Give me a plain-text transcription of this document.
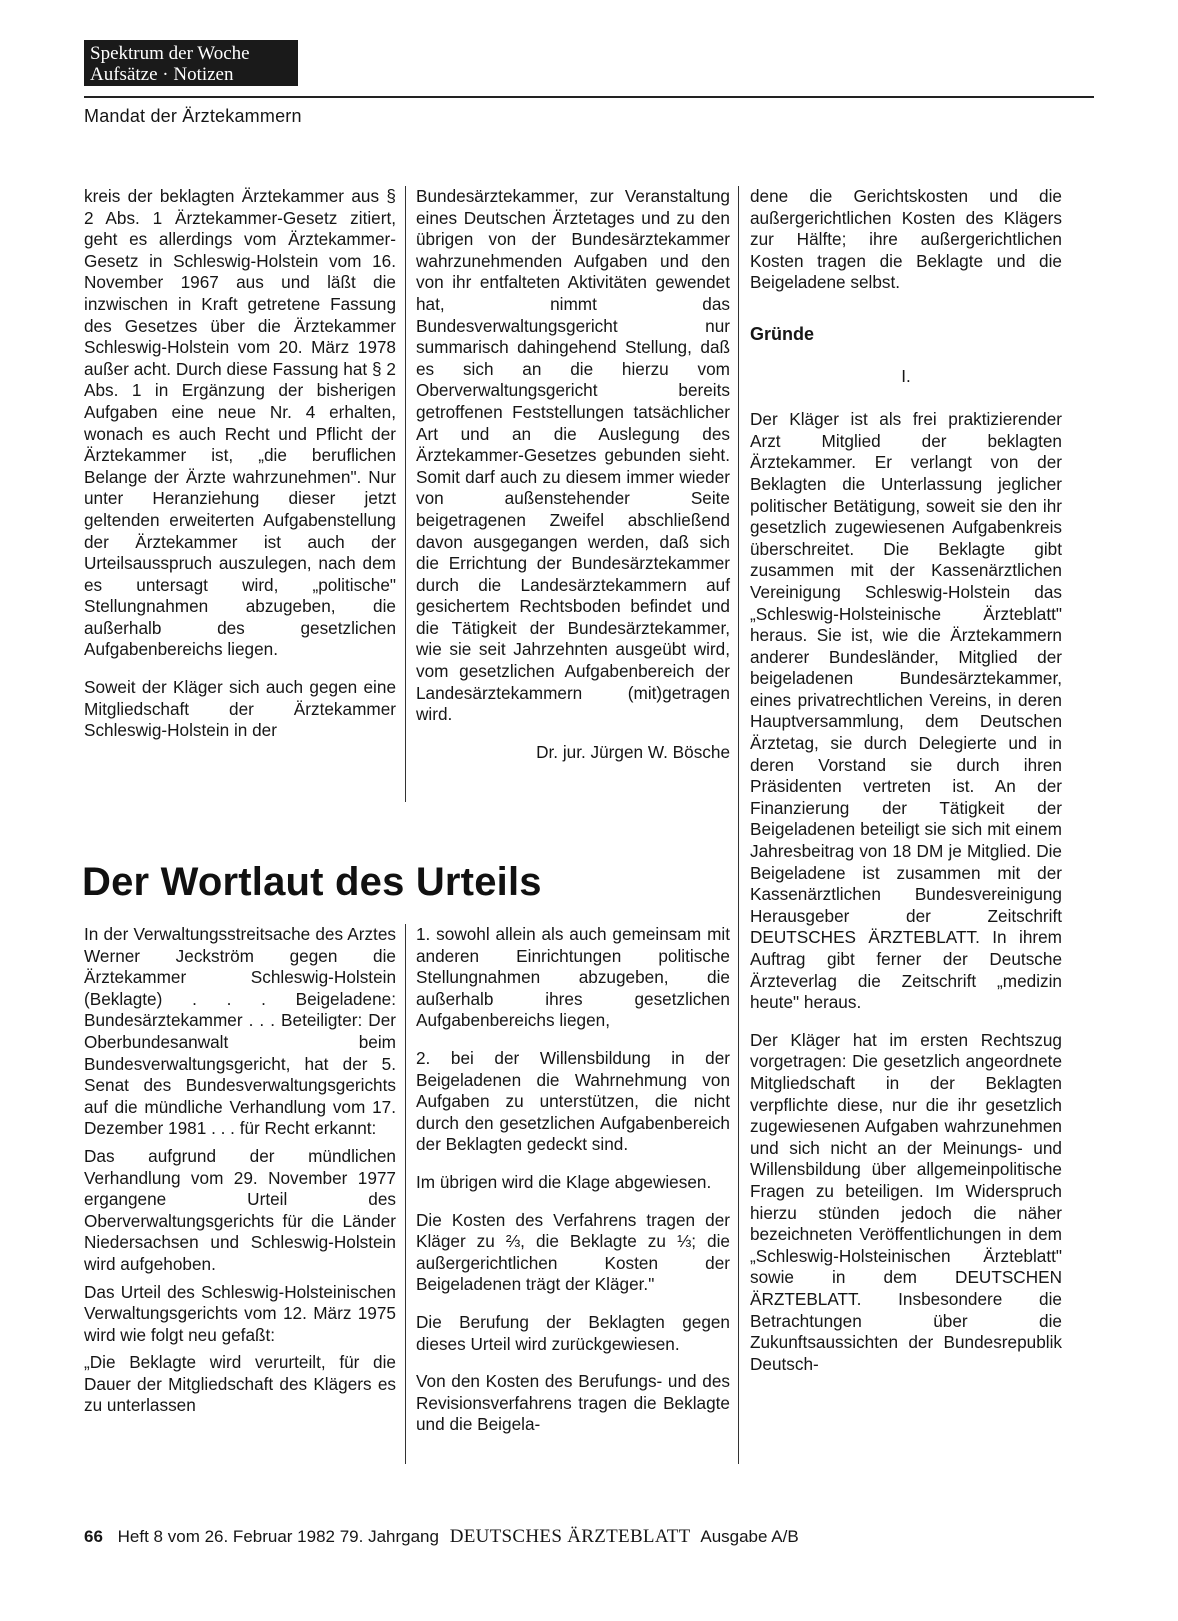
Spektrum der Woche
Aufsätze · Notizen
Mandat der Ärztekammern

kreis der beklagten Ärztekammer aus § 2 Abs. 1 Ärztekammer-Gesetz zitiert, geht es allerdings vom Ärztekammer-Gesetz in Schleswig-Holstein vom 16. November 1967 aus und läßt die inzwischen in Kraft getretene Fassung des Gesetzes über die Ärztekammer Schleswig-Holstein vom 20. März 1978 außer acht. Durch diese Fassung hat § 2 Abs. 1 in Ergänzung der bisherigen Aufgaben eine neue Nr. 4 erhalten, wonach es auch Recht und Pflicht der Ärztekammer ist, „die beruflichen Belange der Ärzte wahrzunehmen". Nur unter Heranziehung dieser jetzt geltenden erweiterten Aufgabenstellung der Ärztekammer ist auch der Urteilsausspruch auszulegen, nach dem es untersagt wird, „politische" Stellungnahmen abzugeben, die außerhalb des gesetzlichen Aufgabenbereichs liegen.

Soweit der Kläger sich auch gegen eine Mitgliedschaft der Ärztekammer Schleswig-Holstein in der

Bundesärztekammer, zur Veranstaltung eines Deutschen Ärztetages und zu den übrigen von der Bundesärztekammer wahrzunehmenden Aufgaben und den von ihr entfalteten Aktivitäten gewendet hat, nimmt das Bundesverwaltungsgericht nur summarisch dahingehend Stellung, daß es sich an die hierzu vom Oberverwaltungsgericht bereits getroffenen Feststellungen tatsächlicher Art und an die Auslegung des Ärztekammer-Gesetzes gebunden sieht. Somit darf auch zu diesem immer wieder von außenstehender Seite beigetragenen Zweifel abschließend davon ausgegangen werden, daß sich die Errichtung der Bundesärztekammer durch die Landesärztekammern auf gesichertem Rechtsboden befindet und die Tätigkeit der Bundesärztekammer, wie sie seit Jahrzehnten ausgeübt wird, vom gesetzlichen Aufgabenbereich der Landesärztekammern (mit)getragen wird.

Dr. jur. Jürgen W. Bösche

dene die Gerichtskosten und die außergerichtlichen Kosten des Klägers zur Hälfte; ihre außergerichtlichen Kosten tragen die Beklagte und die Beigeladene selbst.

Gründe
I.

Der Kläger ist als frei praktizierender Arzt Mitglied der beklagten Ärztekammer. Er verlangt von der Beklagten die Unterlassung jeglicher politischer Betätigung, soweit sie den ihr gesetzlich zugewiesenen Aufgabenkreis überschreitet. Die Beklagte gibt zusammen mit der Kassenärztlichen Vereinigung Schleswig-Holstein das „Schleswig-Holsteinische Ärzteblatt" heraus. Sie ist, wie die Ärztekammern anderer Bundesländer, Mitglied der beigeladenen Bundesärztekammer, eines privatrechtlichen Vereins, in deren Hauptversammlung, dem Deutschen Ärztetag, sie durch Delegierte und in deren Vorstand sie durch ihren Präsidenten vertreten ist. An der Finanzierung der Tätigkeit der Beigeladenen beteiligt sie sich mit einem Jahresbeitrag von 18 DM je Mitglied. Die Beigeladene ist zusammen mit der Kassenärztlichen Bundesvereinigung Herausgeber der Zeitschrift DEUTSCHES ÄRZTEBLATT. In ihrem Auftrag gibt ferner der Deutsche Ärzteverlag die Zeitschrift „medizin heute" heraus.

Der Kläger hat im ersten Rechtszug vorgetragen: Die gesetzlich angeordnete Mitgliedschaft in der Beklagten verpflichte diese, nur die ihr gesetzlich zugewiesenen Aufgaben wahrzunehmen und sich nicht an der Meinungs- und Willensbildung über allgemeinpolitische Fragen zu beteiligen. Im Widerspruch hierzu stünden jedoch die näher bezeichneten Veröffentlichungen in dem „Schleswig-Holsteinischen Ärzteblatt" sowie in dem DEUTSCHEN ÄRZTEBLATT. Insbesondere die Betrachtungen über die Zukunftsaussichten der Bundesrepublik Deutsch-

Der Wortlaut des Urteils

In der Verwaltungsstreitsache des Arztes Werner Jeckström gegen die Ärztekammer Schleswig-Holstein (Beklagte) . . . Beigeladene: Bundesärztekammer . . . Beteiligter: Der Oberbundesanwalt beim Bundesverwaltungsgericht, hat der 5. Senat des Bundesverwaltungsgerichts auf die mündliche Verhandlung vom 17. Dezember 1981 . . . für Recht erkannt:

Das aufgrund der mündlichen Verhandlung vom 29. November 1977 ergangene Urteil des Oberverwaltungsgerichts für die Länder Niedersachsen und Schleswig-Holstein wird aufgehoben.

Das Urteil des Schleswig-Holsteinischen Verwaltungsgerichts vom 12. März 1975 wird wie folgt neu gefaßt:

„Die Beklagte wird verurteilt, für die Dauer der Mitgliedschaft des Klägers es zu unterlassen

1. sowohl allein als auch gemeinsam mit anderen Einrichtungen politische Stellungnahmen abzugeben, die außerhalb ihres gesetzlichen Aufgabenbereichs liegen,

2. bei der Willensbildung in der Beigeladenen die Wahrnehmung von Aufgaben zu unterstützen, die nicht durch den gesetzlichen Aufgabenbereich der Beklagten gedeckt sind.

Im übrigen wird die Klage abgewiesen.

Die Kosten des Verfahrens tragen der Kläger zu ⅔, die Beklagte zu ⅓; die außergerichtlichen Kosten der Beigeladenen trägt der Kläger."

Die Berufung der Beklagten gegen dieses Urteil wird zurückgewiesen.

Von den Kosten des Berufungs- und des Revisionsverfahrens tragen die Beklagte und die Beigela-

66 Heft 8 vom 26. Februar 1982 79. Jahrgang DEUTSCHES ÄRZTEBLATT Ausgabe A/B
